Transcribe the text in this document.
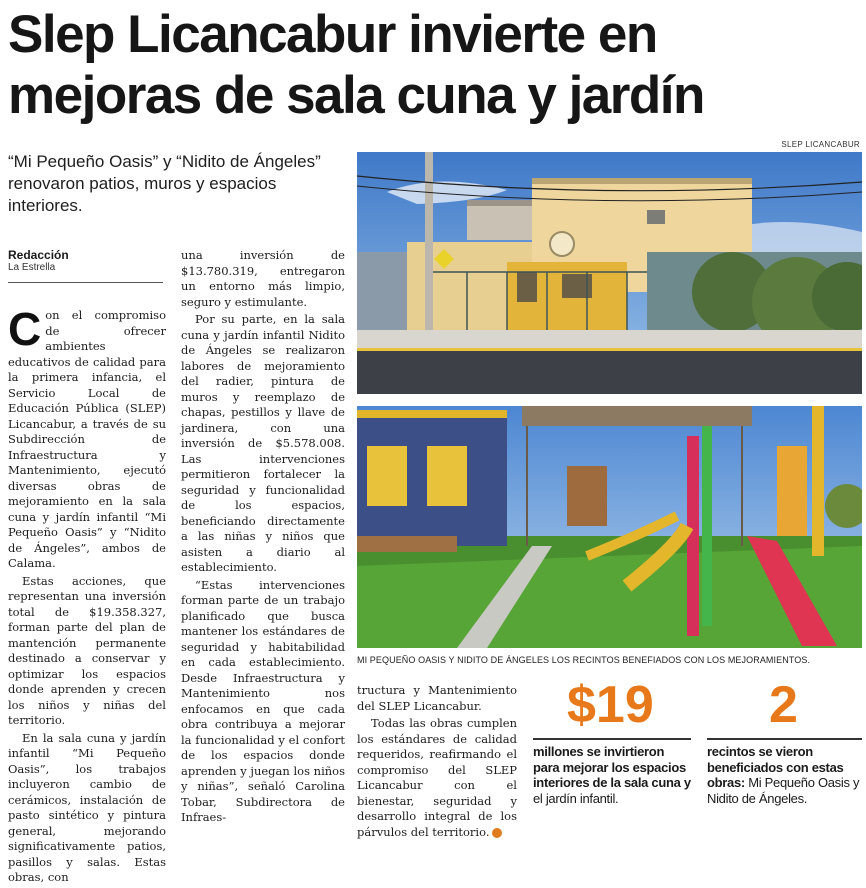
Slep Licancabur invierte en mejoras de sala cuna y jardín

“Mi Pequeño Oasis” y “Nidito de Ángeles” renovaron patios, muros y espacios interiores.

Redacción
La Estrella

Con el compromiso de ofrecer ambientes educativos de calidad para la primera infancia, el Servicio Local de Educación Pública (SLEP) Licancabur, a través de su Subdirección de Infraestructura y Mantenimiento, ejecutó diversas obras de mejoramiento en la sala cuna y jardín infantil “Mi Pequeño Oasis” y “Nidito de Ángeles”, ambos de Calama.

Estas acciones, que representan una inversión total de $19.358.327, forman parte del plan de mantención permanente destinado a conservar y optimizar los espacios donde aprenden y crecen los niños y niñas del territorio.

En la sala cuna y jardín infantil “Mi Pequeño Oasis”, los trabajos incluyeron cambio de cerámicos, instalación de pasto sintético y pintura general, mejorando significativamente patios, pasillos y salas. Estas obras, con

una inversión de $13.780.319, entregaron un entorno más limpio, seguro y estimulante.

Por su parte, en la sala cuna y jardín infantil Nidito de Ángeles se realizaron labores de mejoramiento del radier, pintura de muros y reemplazo de chapas, pestillos y llave de jardinera, con una inversión de $5.578.008. Las intervenciones permitieron fortalecer la seguridad y funcionalidad de los espacios, beneficiando directamente a las niñas y niños que asisten a diario al establecimiento.

“Estas intervenciones forman parte de un trabajo planificado que busca mantener los estándares de seguridad y habitabilidad en cada establecimiento. Desde Infraestructura y Mantenimiento nos enfocamos en que cada obra contribuya a mejorar la funcionalidad y el confort de los espacios donde aprenden y juegan los niños y niñas”, señaló Carolina Tobar, Subdirectora de Infraes-

tructura y Mantenimiento del SLEP Licancabur.

Todas las obras cumplen los estándares de calidad requeridos, reafirmando el compromiso del SLEP Licancabur con el bienestar, seguridad y desarrollo integral de los párvulos del territorio. ✪

SLEP LICANCABUR
MI PEQUEÑO OASIS Y NIDITO DE ÁNGELES LOS RECINTOS BENEFIADOS CON LOS MEJORAMIENTOS.
$19
millones se invirtieron para mejorar los espacios interiores de la sala cuna y el jardín infantil.
2
recintos se vieron beneficiados con estas obras: Mi Pequeño Oasis y Nidito de Ángeles.
